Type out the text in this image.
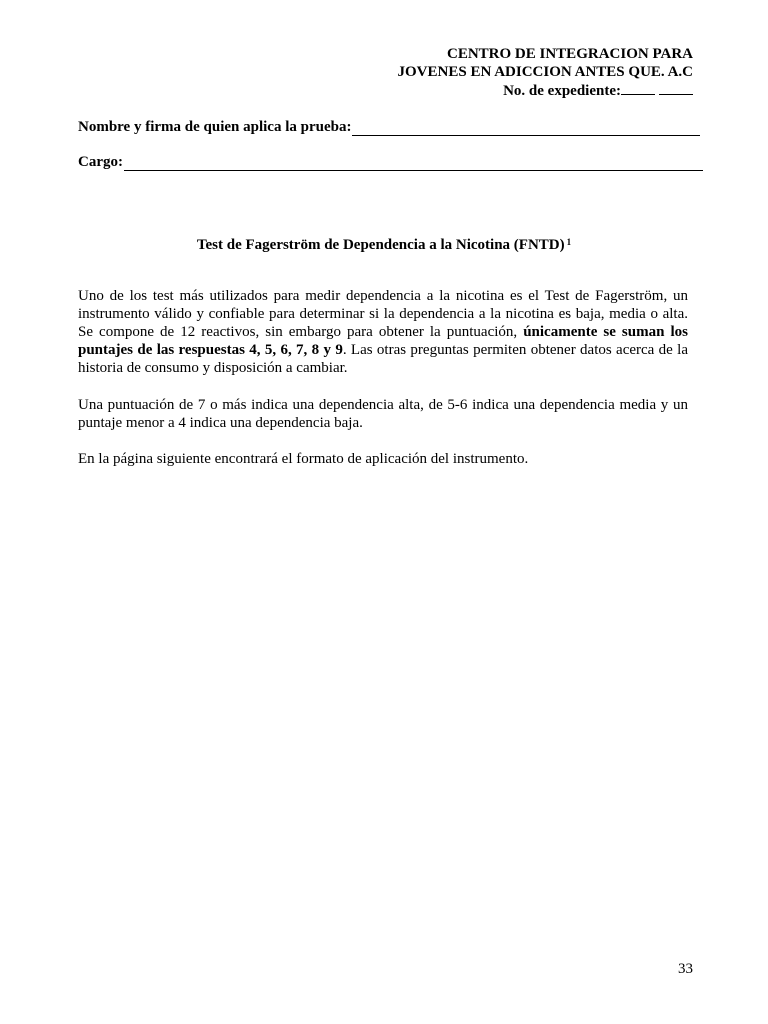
CENTRO DE INTEGRACION PARA
JOVENES EN ADICCION ANTES QUE. A.C
No. de expediente:
Nombre y firma de quien aplica la prueba:
Cargo:
Test de Fagerström de Dependencia a la Nicotina (FNTD) $^1$
Uno de los test más utilizados para medir dependencia a la nicotina es el Test de Fagerström, un instrumento válido y confiable para determinar si la dependencia a la nicotina es baja, media o alta. Se compone de 12 reactivos, sin embargo para obtener la puntuación, únicamente se suman los puntajes de las respuestas 4, 5, 6, 7, 8 y 9. Las otras preguntas permiten obtener datos acerca de la historia de consumo y disposición a cambiar.
Una puntuación de 7 o más indica una dependencia alta, de 5-6 indica una dependencia media y un puntaje menor a 4 indica una dependencia baja.
En la página siguiente encontrará el formato de aplicación del instrumento.
33
